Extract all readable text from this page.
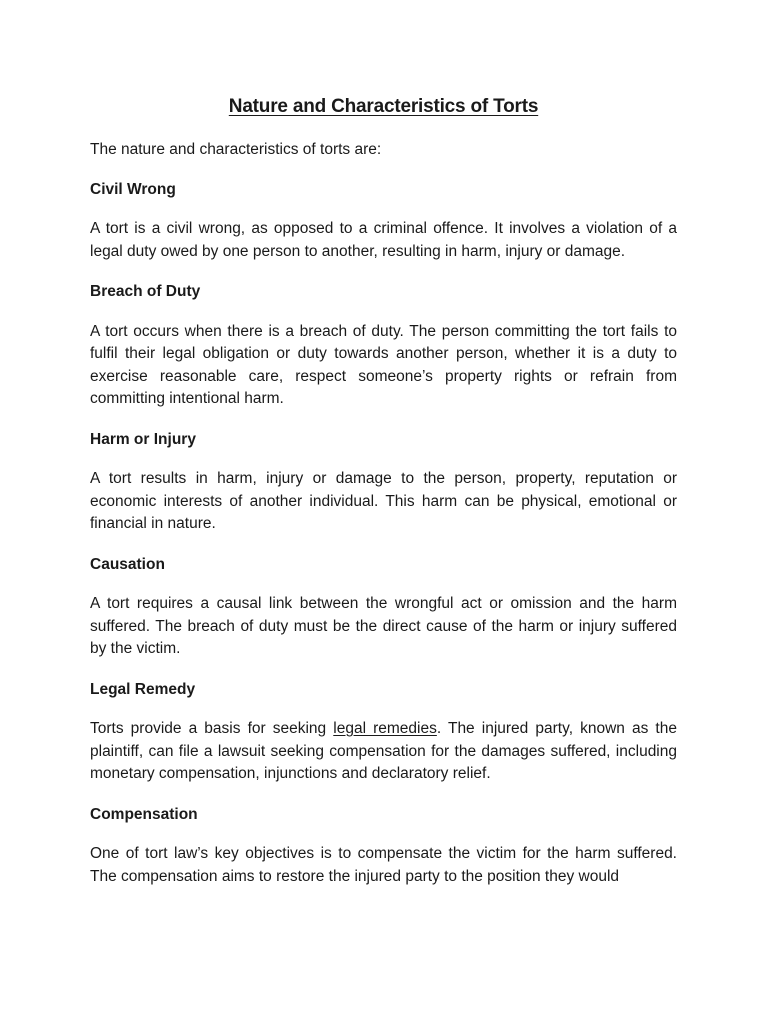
Nature and Characteristics of Torts

The nature and characteristics of torts are:

Civil Wrong

A tort is a civil wrong, as opposed to a criminal offence. It involves a violation of a legal duty owed by one person to another, resulting in harm, injury or damage.

Breach of Duty

A tort occurs when there is a breach of duty. The person committing the tort fails to fulfil their legal obligation or duty towards another person, whether it is a duty to exercise reasonable care, respect someone’s property rights or refrain from committing intentional harm.

Harm or Injury

A tort results in harm, injury or damage to the person, property, reputation or economic interests of another individual. This harm can be physical, emotional or financial in nature.

Causation

A tort requires a causal link between the wrongful act or omission and the harm suffered. The breach of duty must be the direct cause of the harm or injury suffered by the victim.

Legal Remedy

Torts provide a basis for seeking legal remedies. The injured party, known as the plaintiff, can file a lawsuit seeking compensation for the damages suffered, including monetary compensation, injunctions and declaratory relief.

Compensation

One of tort law’s key objectives is to compensate the victim for the harm suffered. The compensation aims to restore the injured party to the position they would
